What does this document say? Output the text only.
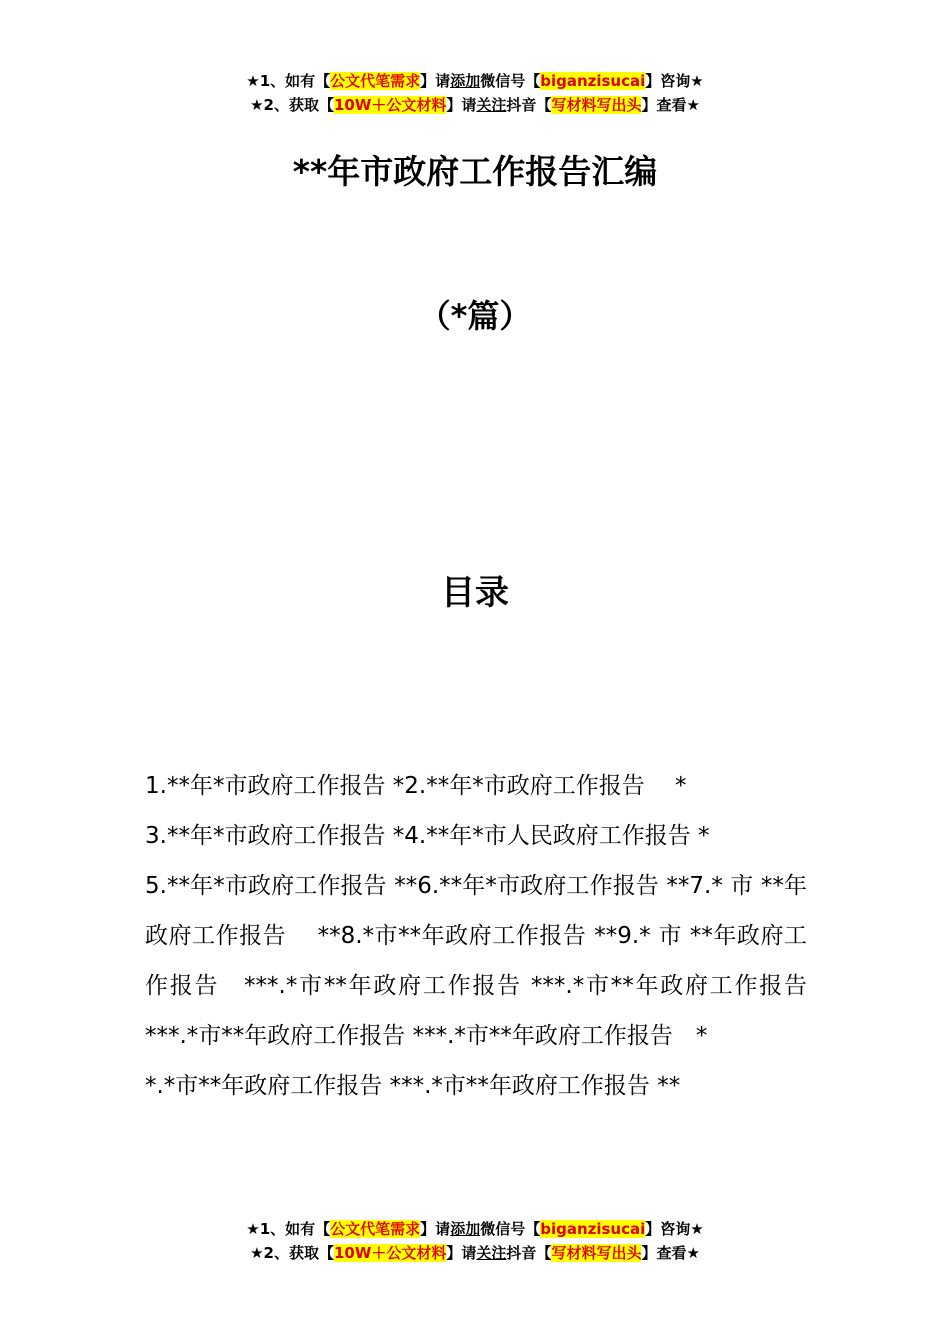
★1、如有【公文代笔需求】请添加微信号【biganzisucai】咨询★
★2、获取【10W＋公文材料】请关注抖音【写材料写出头】查看★
**年市政府工作报告汇编
（*篇）
目录

1.**年*市政府工作报告 *2.**年*市政府工作报告　 *

3.**年*市政府工作报告 *4.**年*市人民政府工作报告 *

5.**年*市政府工作报告 **6.**年*市政府工作报告 **7.* 市 **年政府工作报告　 **8.*市**年政府工作报告 **9.* 市 **年政府工作报告　***.*市**年政府工作报告 ***.*市**年政府工作报告 ***.*市**年政府工作报告 ***.*市**年政府工作报告　*

*.*市**年政府工作报告 ***.*市**年政府工作报告 **

★1、如有【公文代笔需求】请添加微信号【biganzisucai】咨询★
★2、获取【10W＋公文材料】请关注抖音【写材料写出头】查看★
